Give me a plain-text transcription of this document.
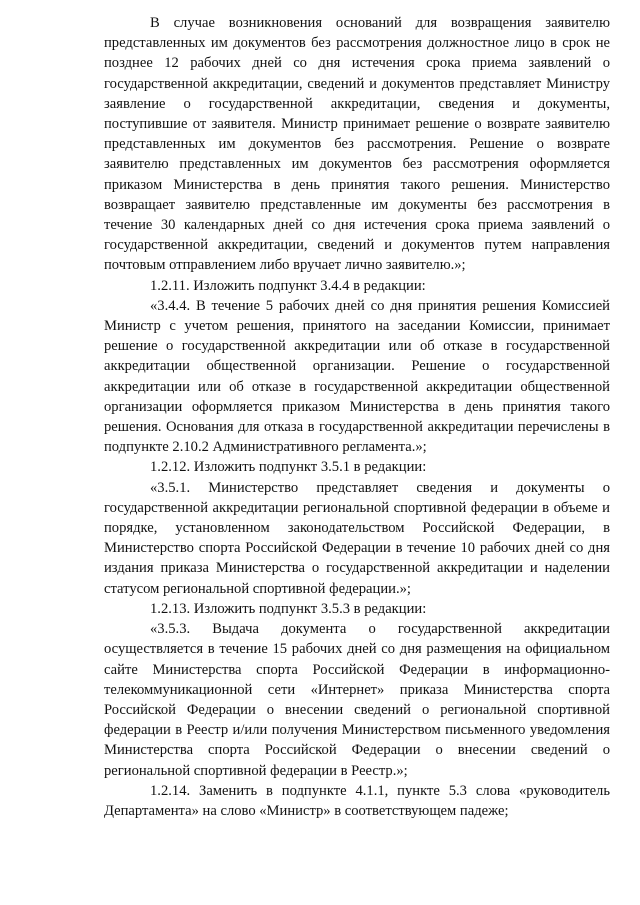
В случае возникновения оснований для возвращения заявителю представленных им документов без рассмотрения должностное лицо в срок не позднее 12 рабочих дней со дня истечения срока приема заявлений о государственной аккредитации, сведений и документов представляет Министру заявление о государственной аккредитации, сведения и документы, поступившие от заявителя. Министр принимает решение о возврате заявителю представленных им документов без рассмотрения. Решение о возврате заявителю представленных им документов без рассмотрения оформляется приказом Министерства в день принятия такого решения. Министерство возвращает заявителю представленные им документы без рассмотрения в течение 30 календарных дней со дня истечения срока приема заявлений о государственной аккредитации, сведений и документов путем направления почтовым отправлением либо вручает лично заявителю.»;

1.2.11. Изложить подпункт 3.4.4 в редакции:

«3.4.4. В течение 5 рабочих дней со дня принятия решения Комиссией Министр с учетом решения, принятого на заседании Комиссии, принимает решение о государственной аккредитации или об отказе в государственной аккредитации общественной организации. Решение о государственной аккредитации или об отказе в государственной аккредитации общественной организации оформляется приказом Министерства в день принятия такого решения. Основания для отказа в государственной аккредитации перечислены в подпункте 2.10.2 Административного регламента.»;

1.2.12. Изложить подпункт 3.5.1 в редакции:

«3.5.1. Министерство представляет сведения и документы о государственной аккредитации региональной спортивной федерации в объеме и порядке, установленном законодательством Российской Федерации, в Министерство спорта Российской Федерации в течение 10 рабочих дней со дня издания приказа Министерства о государственной аккредитации и наделении статусом региональной спортивной федерации.»;

1.2.13. Изложить подпункт 3.5.3 в редакции:

«3.5.3. Выдача документа о государственной аккредитации осуществляется в течение 15 рабочих дней со дня размещения на официальном сайте Министерства спорта Российской Федерации в информационно-телекоммуникационной сети «Интернет» приказа Министерства спорта Российской Федерации о внесении сведений о региональной спортивной федерации в Реестр и/или получения Министерством письменного уведомления Министерства спорта Российской Федерации о внесении сведений о региональной спортивной федерации в Реестр.»;

1.2.14. Заменить в подпункте 4.1.1, пункте 5.3 слова «руководитель Департамента» на слово «Министр» в соответствующем падеже;
